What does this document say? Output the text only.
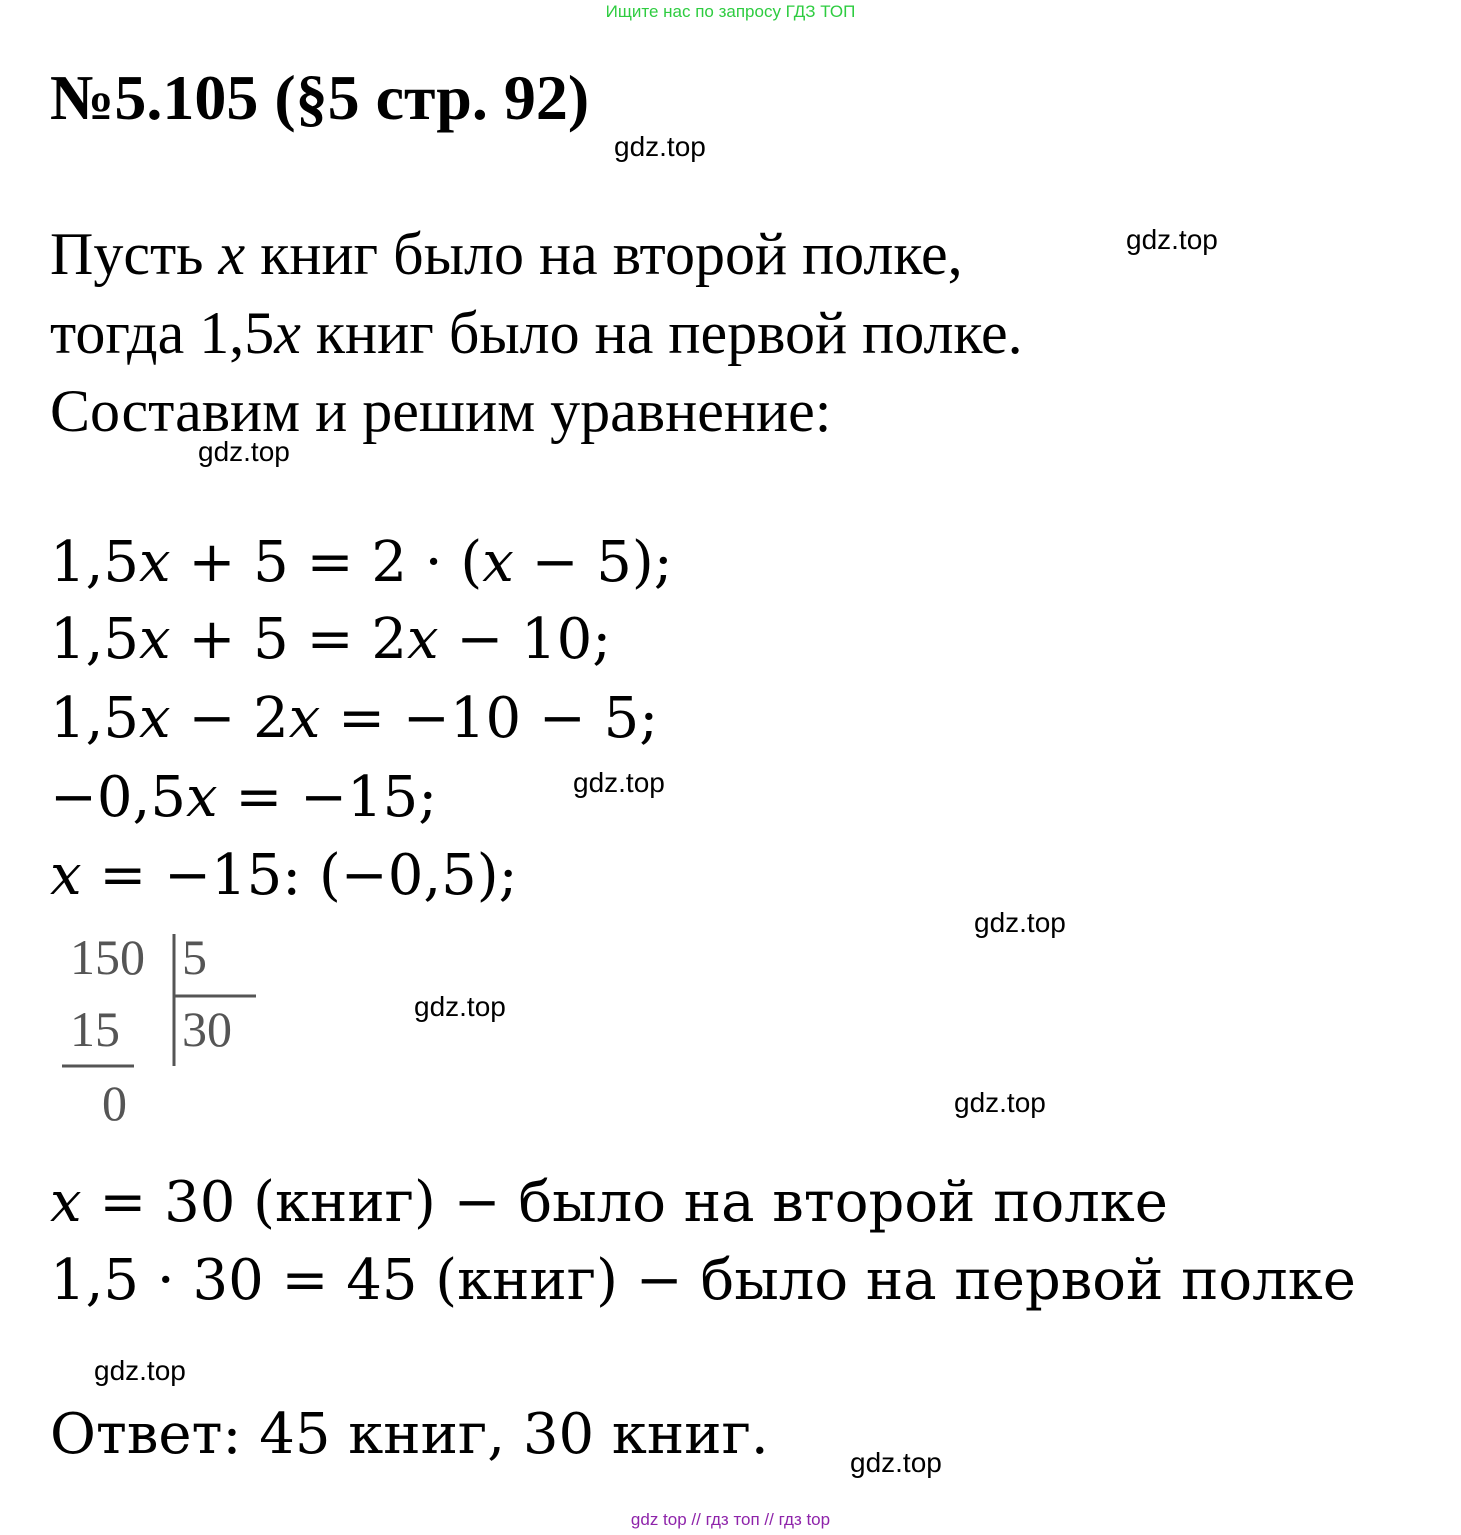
Ищите нас по запросу ГДЗ ТОП
№5.105 (§5 стр. 92)
gdz.top
gdz.top
gdz.top
gdz.top
gdz.top
gdz.top
gdz.top
gdz.top
gdz.top
Пусть x книг было на второй полке,
тогда 1,5x книг было на первой полке.
Составим и решим уравнение:
1,5𝑥 + 5 = 2 · (𝑥 − 5);
1,5𝑥 + 5 = 2𝑥 − 10;
1,5𝑥 − 2𝑥 = −10 − 5;
−0,5𝑥 = −15;
𝑥 = −15: (−0,5);
150 5
15 30
0
𝑥 = 30 (книг) − было на второй полке
1,5 · 30 = 45 (книг) − было на первой полке
Ответ: 45 книг, 30 книг.
gdz top // гдз топ // гдз top
